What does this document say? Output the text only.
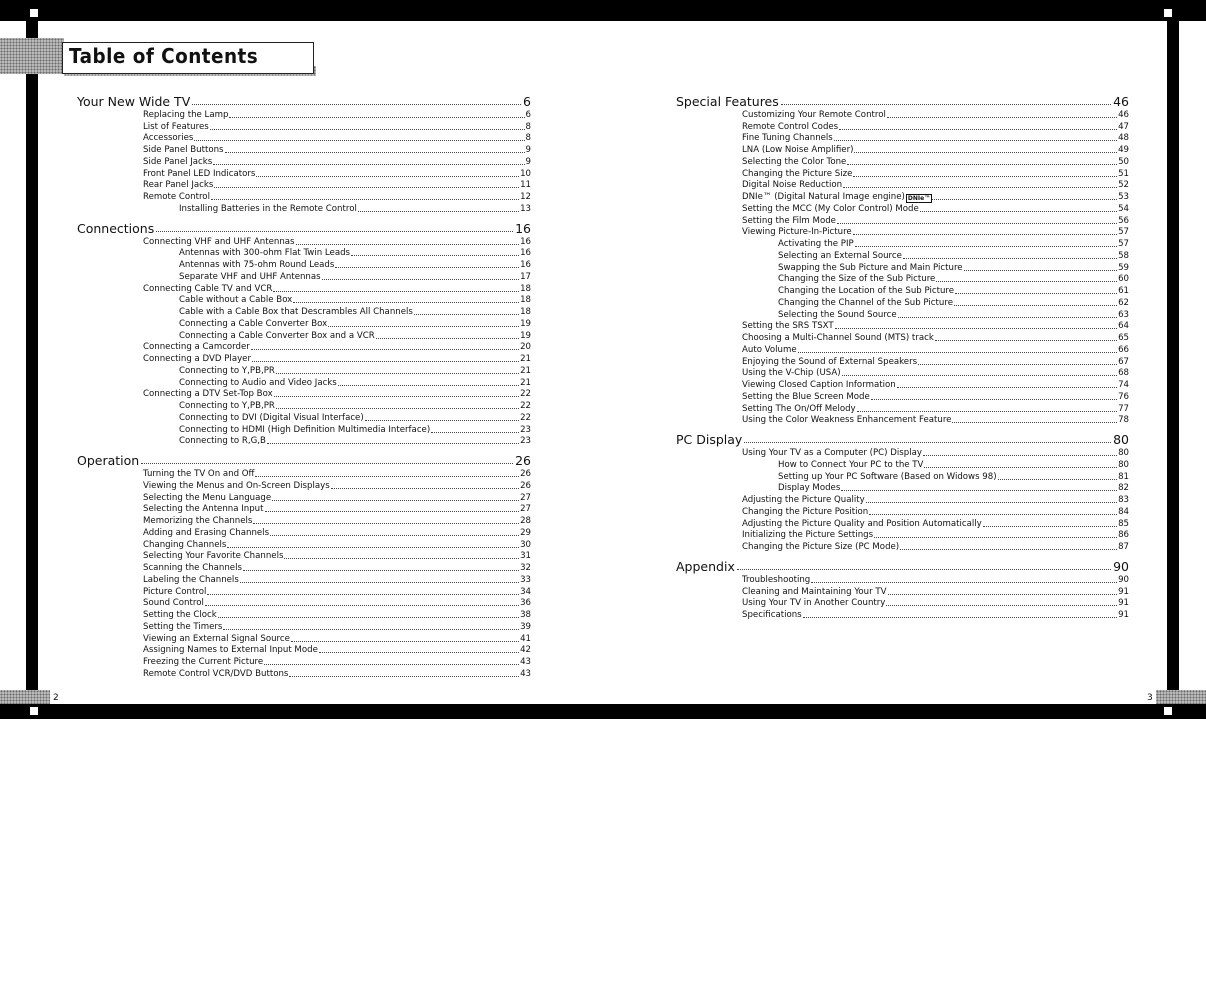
Table of Contents
2	3
Your New Wide TV	6
Replacing the Lamp	6
List of Features	8
Accessories	8
Side Panel Buttons	9
Side Panel Jacks	9
Front Panel LED Indicators	10
Rear Panel Jacks	11
Remote Control	12
Installing Batteries in the Remote Control	13
Connections	16
Connecting VHF and UHF Antennas	16
Antennas with 300-ohm Flat Twin Leads	16
Antennas with 75-ohm Round Leads	16
Separate VHF and UHF Antennas	17
Connecting Cable TV and VCR	18
Cable without a Cable Box	18
Cable with a Cable Box that Descrambles All Channels	18
Connecting a Cable Converter Box	19
Connecting a Cable Converter Box and a VCR	19
Connecting a Camcorder	20
Connecting a DVD Player	21
Connecting to Y,PB,PR	21
Connecting to Audio and Video Jacks	21
Connecting a DTV Set-Top Box	22
Connecting to Y,PB,PR	22
Connecting to DVI (Digital Visual Interface)	22
Connecting to HDMI (High Definition Multimedia Interface)	23
Connecting to R,G,B	23
Operation	26
Turning the TV On and Off	26
Viewing the Menus and On-Screen Displays	26
Selecting the Menu Language	27
Selecting the Antenna Input	27
Memorizing the Channels	28
Adding and Erasing Channels	29
Changing Channels	30
Selecting Your Favorite Channels	31
Scanning the Channels	32
Labeling the Channels	33
Picture Control	34
Sound Control	36
Setting the Clock	38
Setting the Timers	39
Viewing an External Signal Source	41
Assigning Names to External Input Mode	42
Freezing the Current Picture	43
Remote Control VCR/DVD Buttons	43
Special Features	46
Customizing Your Remote Control	46
Remote Control Codes	47
Fine Tuning Channels	48
LNA (Low Noise Amplifier)	49
Selecting the Color Tone	50
Changing the Picture Size	51
Digital Noise Reduction	52
DNIe™ (Digital Natural Image engine) DNIe™	53
Setting the MCC (My Color Control) Mode	54
Setting the Film Mode	56
Viewing Picture-In-Picture	57
Activating the PIP	57
Selecting an External Source	58
Swapping the Sub Picture and Main Picture	59
Changing the Size of the Sub Picture	60
Changing the Location of the Sub Picture	61
Changing the Channel of the Sub Picture	62
Selecting the Sound Source	63
Setting the SRS TSXT	64
Choosing a Multi-Channel Sound (MTS) track	65
Auto Volume	66
Enjoying the Sound of External Speakers	67
Using the V-Chip (USA)	68
Viewing Closed Caption Information	74
Setting the Blue Screen Mode	76
Setting The On/Off Melody	77
Using the Color Weakness Enhancement Feature	78
PC Display	80
Using Your TV as a Computer (PC) Display	80
How to Connect Your PC to the TV	80
Setting up Your PC Software (Based on Widows 98)	81
Display Modes	82
Adjusting the Picture Quality	83
Changing the Picture Position	84
Adjusting the Picture Quality and Position Automatically	85
Initializing the Picture Settings	86
Changing the Picture Size (PC Mode)	87
Appendix	90
Troubleshooting	90
Cleaning and Maintaining Your TV	91
Using Your TV in Another Country	91
Specifications	91
